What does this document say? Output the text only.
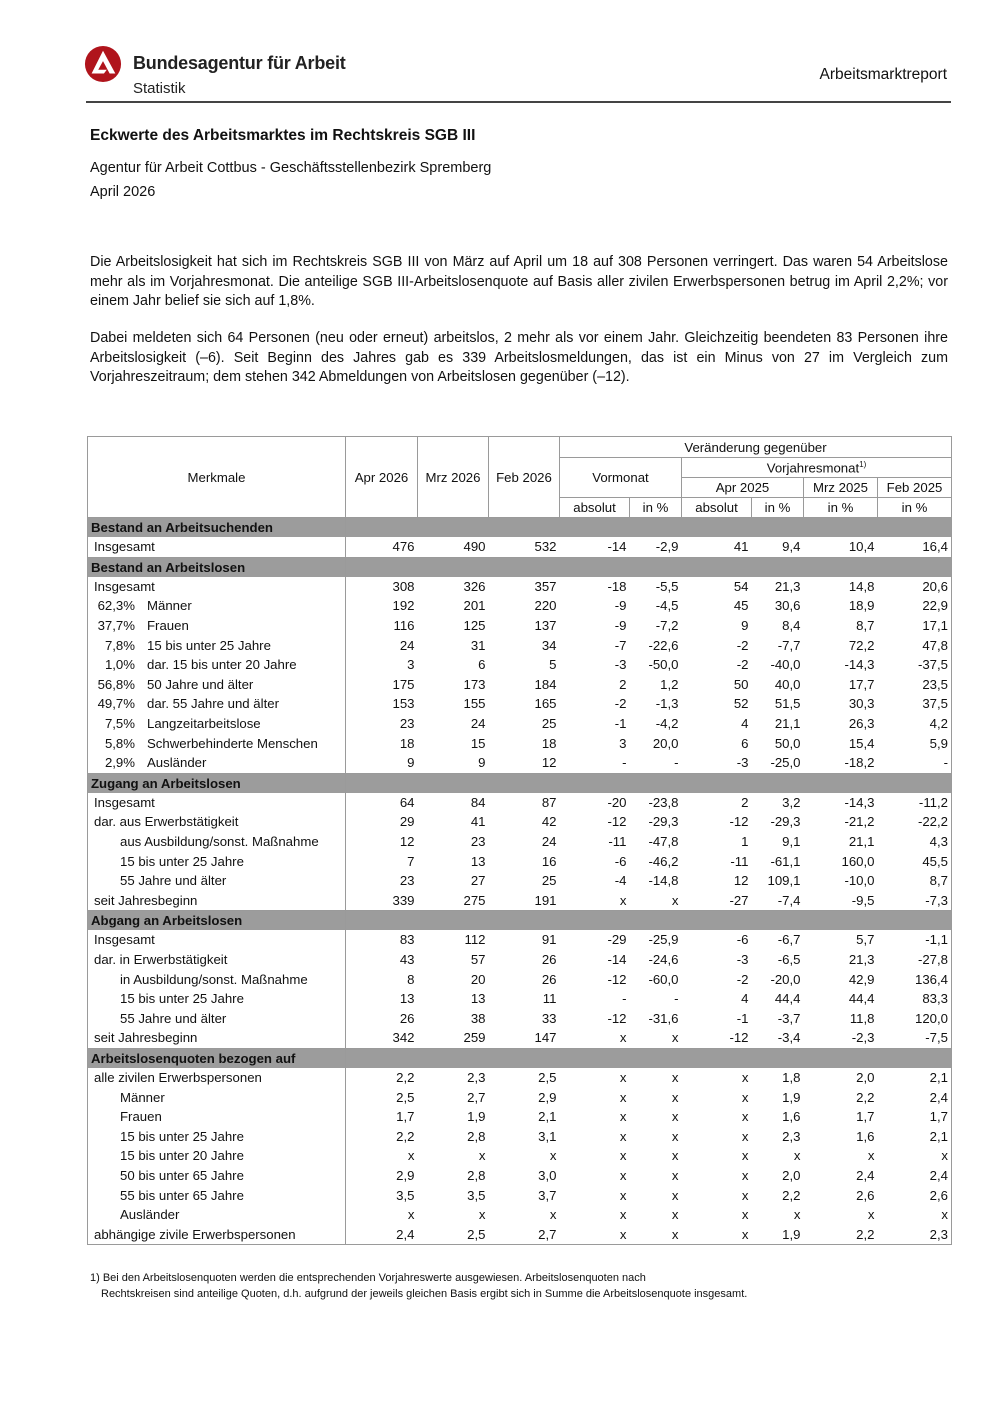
Bundesagentur für Arbeit
Statistik
Arbeitsmarktreport
Eckwerte des Arbeitsmarktes im Rechtskreis SGB III
Agentur für Arbeit Cottbus - Geschäftsstellenbezirk Spremberg
April 2026
Die Arbeitslosigkeit hat sich im Rechtskreis SGB III von März auf April um 18 auf 308 Personen verringert. Das waren 54 Arbeitslose mehr als im Vorjahresmonat. Die anteilige SGB III-Arbeitslosenquote auf Basis aller zivilen Erwerbspersonen betrug im April 2,2%; vor einem Jahr belief sie sich auf 1,8%.
Dabei meldeten sich 64 Personen (neu oder erneut) arbeitslos, 2 mehr als vor einem Jahr. Gleichzeitig beendeten 83 Personen ihre Arbeitslosigkeit (–6). Seit Beginn des Jahres gab es 339 Arbeitslosmeldungen, das ist ein Minus von 27 im Vergleich zum Vorjahreszeitraum; dem stehen 342 Abmeldungen von Arbeitslosen gegenüber (–12).
Merkmale	Apr 2026	Mrz 2026	Feb 2026	Veränderung gegenüber					
				Vormonat		Vorjahresmonat$^{1)}$
						Apr 2025		Mrz 2025	Feb 2025
				absolut	in %	absolut	in %	in %	in %
Bestand an Arbeitsuchenden									
Insgesamt	476	490	532	-14	-2,9	41	9,4	10,4	16,4
Bestand an Arbeitslosen									
Insgesamt	308	326	357	-18	-5,5	54	21,3	14,8	20,6
62,3% Männer	192	201	220	-9	-4,5	45	30,6	18,9	22,9
37,7% Frauen	116	125	137	-9	-7,2	9	8,4	8,7	17,1
7,8% 15 bis unter 25 Jahre	24	31	34	-7	-22,6	-2	-7,7	72,2	47,8
1,0% dar. 15 bis unter 20 Jahre	3	6	5	-3	-50,0	-2	-40,0	-14,3	-37,5
56,8% 50 Jahre und älter	175	173	184	2	1,2	50	40,0	17,7	23,5
49,7% dar. 55 Jahre und älter	153	155	165	-2	-1,3	52	51,5	30,3	37,5
7,5% Langzeitarbeitslose	23	24	25	-1	-4,2	4	21,1	26,3	4,2
5,8% Schwerbehinderte Menschen	18	15	18	3	20,0	6	50,0	15,4	5,9
2,9% Ausländer	9	9	12	-	-	-3	-25,0	-18,2	-
Zugang an Arbeitslosen									
Insgesamt	64	84	87	-20	-23,8	2	3,2	-14,3	-11,2
dar. aus Erwerbstätigkeit	29	41	42	-12	-29,3	-12	-29,3	-21,2	-22,2
aus Ausbildung/sonst. Maßnahme	12	23	24	-11	-47,8	1	9,1	21,1	4,3
15 bis unter 25 Jahre	7	13	16	-6	-46,2	-11	-61,1	160,0	45,5
55 Jahre und älter	23	27	25	-4	-14,8	12	109,1	-10,0	8,7
seit Jahresbeginn	339	275	191	x	x	-27	-7,4	-9,5	-7,3
Abgang an Arbeitslosen									
Insgesamt	83	112	91	-29	-25,9	-6	-6,7	5,7	-1,1
dar. in Erwerbstätigkeit	43	57	26	-14	-24,6	-3	-6,5	21,3	-27,8
in Ausbildung/sonst. Maßnahme	8	20	26	-12	-60,0	-2	-20,0	42,9	136,4
15 bis unter 25 Jahre	13	13	11	-	-	4	44,4	44,4	83,3
55 Jahre und älter	26	38	33	-12	-31,6	-1	-3,7	11,8	120,0
seit Jahresbeginn	342	259	147	x	x	-12	-3,4	-2,3	-7,5
Arbeitslosenquoten bezogen auf									
alle zivilen Erwerbspersonen	2,2	2,3	2,5	x	x	x	1,8	2,0	2,1
Männer	2,5	2,7	2,9	x	x	x	1,9	2,2	2,4
Frauen	1,7	1,9	2,1	x	x	x	1,6	1,7	1,7
15 bis unter 25 Jahre	2,2	2,8	3,1	x	x	x	2,3	1,6	2,1
15 bis unter 20 Jahre	x	x	x	x	x	x	x	x	x
50 bis unter 65 Jahre	2,9	2,8	3,0	x	x	x	2,0	2,4	2,4
55 bis unter 65 Jahre	3,5	3,5	3,7	x	x	x	2,2	2,6	2,6
Ausländer	x	x	x	x	x	x	x	x	x
abhängige zivile Erwerbspersonen	2,4	2,5	2,7	x	x	x	1,9	2,2	2,3
1) Bei den Arbeitslosenquoten werden die entsprechenden Vorjahreswerte ausgewiesen. Arbeitslosenquoten nach
Rechtskreisen sind anteilige Quoten, d.h. aufgrund der jeweils gleichen Basis ergibt sich in Summe die Arbeitslosenquote insgesamt.
